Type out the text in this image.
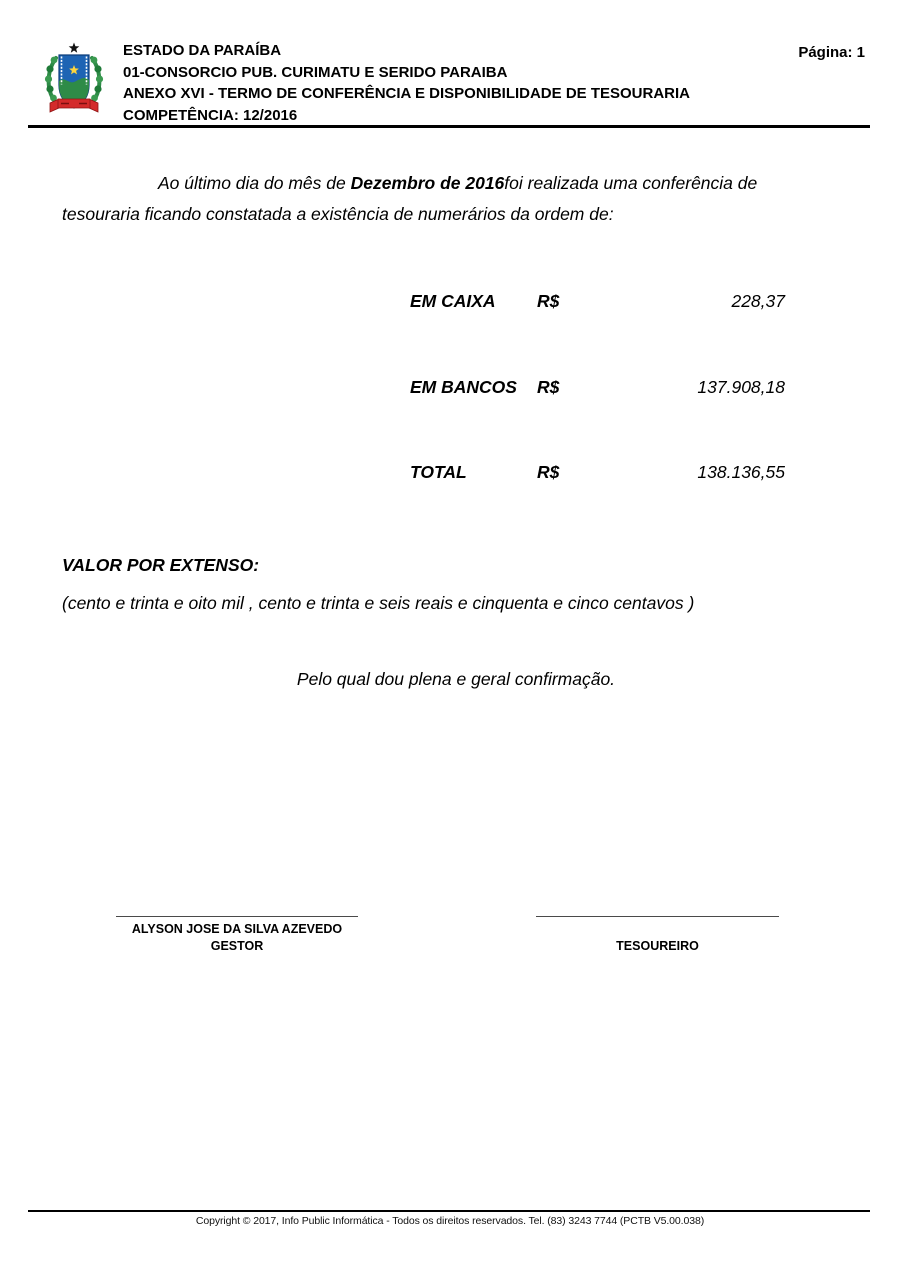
ESTADO DA PARAÍBA
01-CONSORCIO PUB. CURIMATU E SERIDO PARAIBA
ANEXO XVI - TERMO DE CONFERÊNCIA E DISPONIBILIDADE DE TESOURARIA
COMPETÊNCIA: 12/2016
Página: 1

Ao último dia do mês de Dezembro de 2016foi realizada uma conferência de tesouraria ficando constatada a existência de numerários da ordem de:

EM CAIXA	R$	228,37
EM BANCOS	R$	137.908,18
TOTAL	R$	138.136,55
VALOR POR EXTENSO:
(cento e trinta e oito mil , cento e trinta e seis reais e cinquenta e cinco centavos )
Pelo qual dou plena e geral confirmação.
ALYSON JOSE DA SILVA AZEVEDO
GESTOR	TESOUREIRO
Copyright © 2017, Info Public Informática - Todos os direitos reservados. Tel. (83) 3243 7744 (PCTB V5.00.038)
